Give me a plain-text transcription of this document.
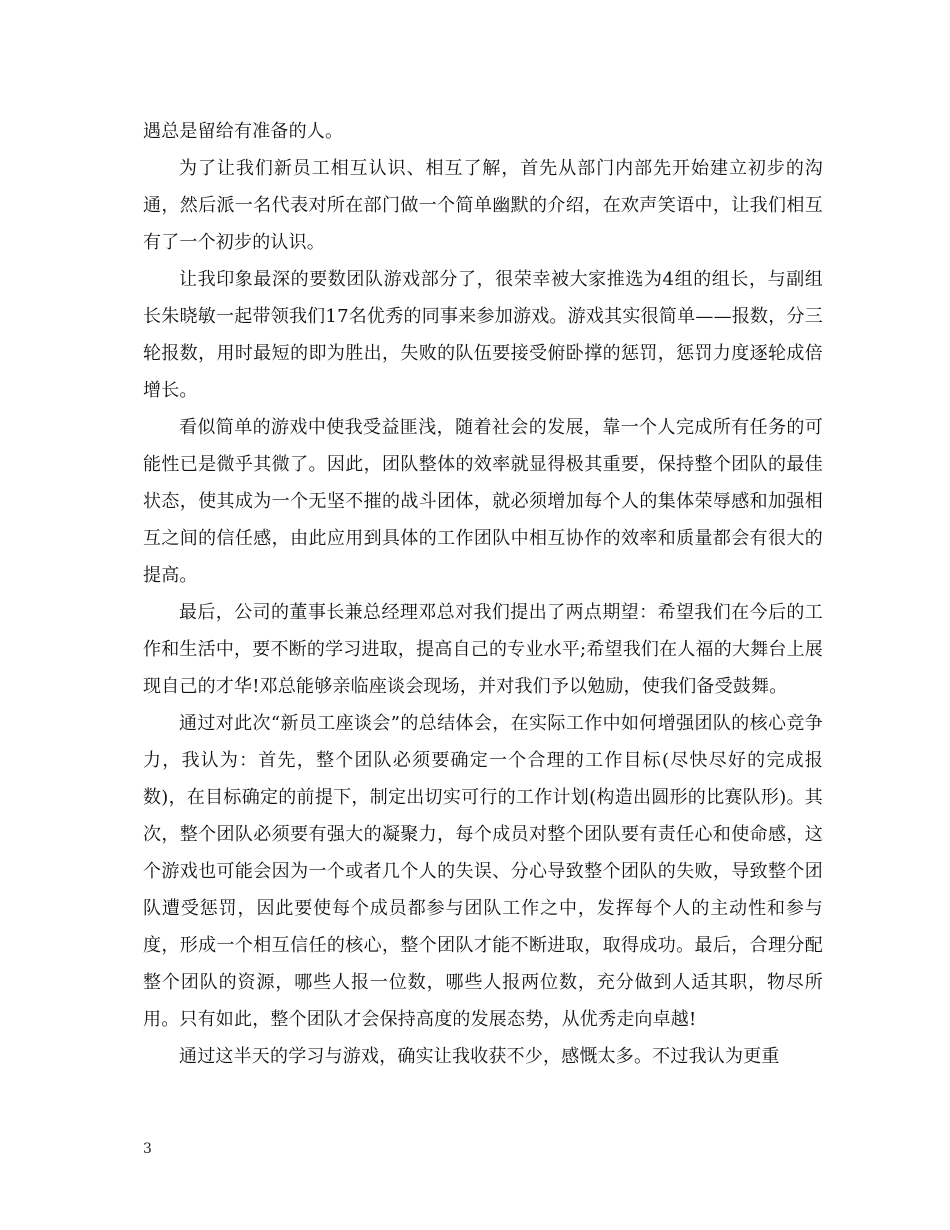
遇总是留给有准备的人。

为了让我们新员工相互认识、相互了解，首先从部门内部先开始建立初步的沟通，然后派一名代表对所在部门做一个简单幽默的介绍，在欢声笑语中，让我们相互有了一个初步的认识。

让我印象最深的要数团队游戏部分了，很荣幸被大家推选为4组的组长，与副组长朱晓敏一起带领我们17名优秀的同事来参加游戏。游戏其实很简单——报数，分三轮报数，用时最短的即为胜出，失败的队伍要接受俯卧撑的惩罚，惩罚力度逐轮成倍增长。

看似简单的游戏中使我受益匪浅，随着社会的发展，靠一个人完成所有任务的可能性已是微乎其微了。因此，团队整体的效率就显得极其重要，保持整个团队的最佳状态，使其成为一个无坚不摧的战斗团体，就必须增加每个人的集体荣辱感和加强相互之间的信任感，由此应用到具体的工作团队中相互协作的效率和质量都会有很大的提高。

最后，公司的董事长兼总经理邓总对我们提出了两点期望：希望我们在今后的工作和生活中，要不断的学习进取，提高自己的专业水平;希望我们在人福的大舞台上展现自己的才华!邓总能够亲临座谈会现场，并对我们予以勉励，使我们备受鼓舞。

通过对此次“新员工座谈会”的总结体会，在实际工作中如何增强团队的核心竞争力，我认为：首先，整个团队必须要确定一个合理的工作目标(尽快尽好的完成报数)，在目标确定的前提下，制定出切实可行的工作计划(构造出圆形的比赛队形)。其次，整个团队必须要有强大的凝聚力，每个成员对整个团队要有责任心和使命感，这个游戏也可能会因为一个或者几个人的失误、分心导致整个团队的失败，导致整个团队遭受惩罚，因此要使每个成员都参与团队工作之中，发挥每个人的主动性和参与度，形成一个相互信任的核心，整个团队才能不断进取，取得成功。最后，合理分配整个团队的资源，哪些人报一位数，哪些人报两位数，充分做到人适其职，物尽所用。只有如此，整个团队才会保持高度的发展态势，从优秀走向卓越!

通过这半天的学习与游戏，确实让我收获不少，感慨太多。不过我认为更重

3
